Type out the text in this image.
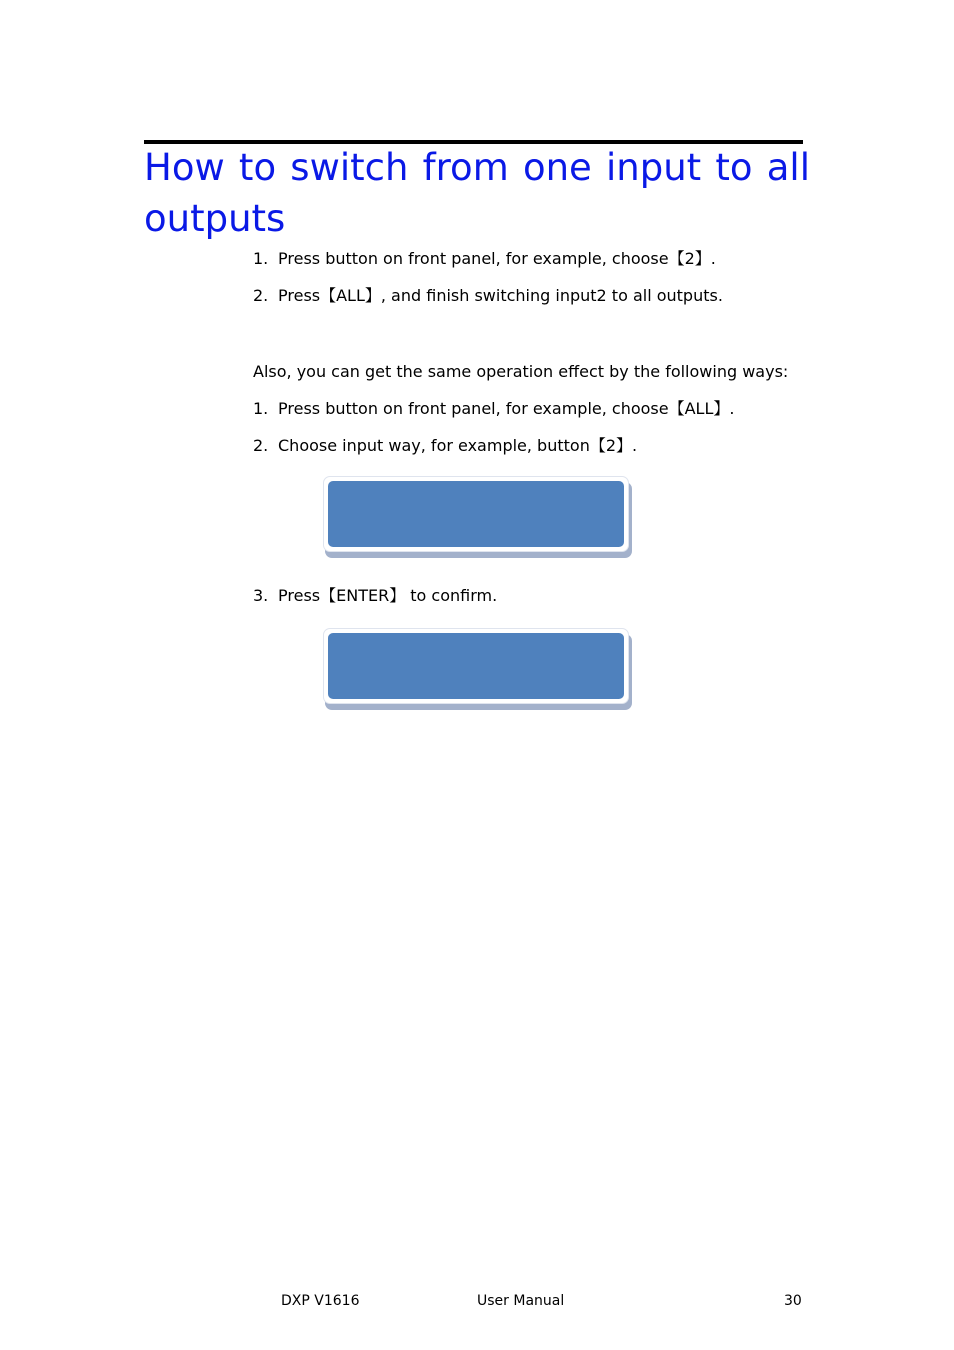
How to switch from one input to all outputs
1. Press button on front panel, for example, choose【2】.
2. Press【ALL】, and finish switching input2 to all outputs.
Also, you can get the same operation effect by the following ways:
1. Press button on front panel, for example, choose【ALL】.
2. Choose input way, for example, button【2】.
3. Press【ENTER】 to confirm.
DXP V1616	User Manual	30
